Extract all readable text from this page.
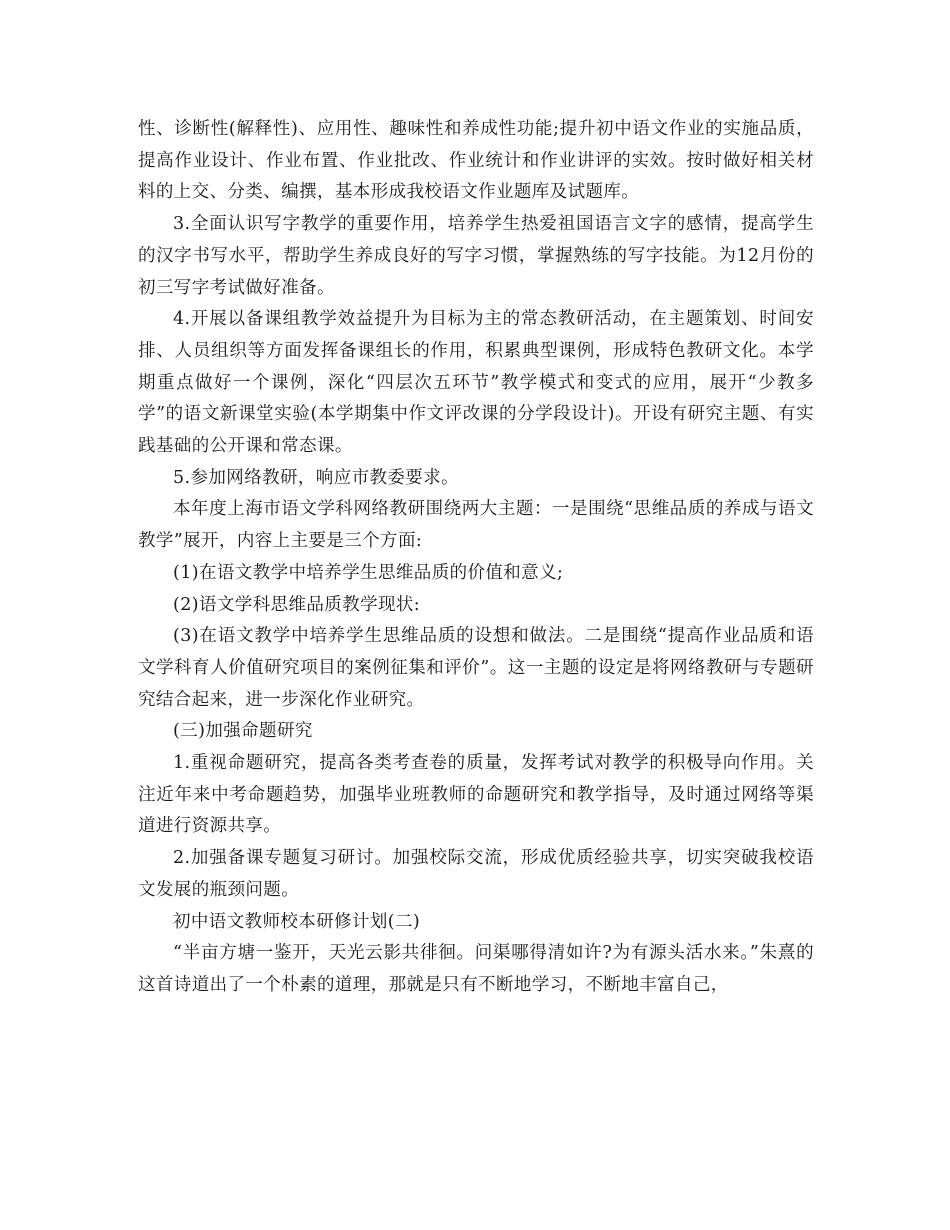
性、诊断性(解释性)、应用性、趣味性和养成性功能;提升初中语文作业的实施品质，提高作业设计、作业布置、作业批改、作业统计和作业讲评的实效。按时做好相关材料的上交、分类、编撰，基本形成我校语文作业题库及试题库。

3.全面认识写字教学的重要作用，培养学生热爱祖国语言文字的感情，提高学生的汉字书写水平，帮助学生养成良好的写字习惯，掌握熟练的写字技能。为12月份的初三写字考试做好准备。

4.开展以备课组教学效益提升为目标为主的常态教研活动，在主题策划、时间安排、人员组织等方面发挥备课组长的作用，积累典型课例，形成特色教研文化。本学期重点做好一个课例，深化“四层次五环节”教学模式和变式的应用，展开“少教多学”的语文新课堂实验(本学期集中作文评改课的分学段设计)。开设有研究主题、有实践基础的公开课和常态课。

5.参加网络教研，响应市教委要求。

本年度上海市语文学科网络教研围绕两大主题：一是围绕“思维品质的养成与语文教学”展开，内容上主要是三个方面:

(1)在语文教学中培养学生思维品质的价值和意义;

(2)语文学科思维品质教学现状:

(3)在语文教学中培养学生思维品质的设想和做法。二是围绕“提高作业品质和语文学科育人价值研究项目的案例征集和评价”。这一主题的设定是将网络教研与专题研究结合起来，进一步深化作业研究。

(三)加强命题研究

1.重视命题研究，提高各类考查卷的质量，发挥考试对教学的积极导向作用。关注近年来中考命题趋势，加强毕业班教师的命题研究和教学指导，及时通过网络等渠道进行资源共享。

2.加强备课专题复习研讨。加强校际交流，形成优质经验共享，切实突破我校语文发展的瓶颈问题。

初中语文教师校本研修计划(二)

“半亩方塘一鉴开，天光云影共徘徊。问渠哪得清如许?为有源头活水来。”朱熹的这首诗道出了一个朴素的道理，那就是只有不断地学习，不断地丰富自己，
